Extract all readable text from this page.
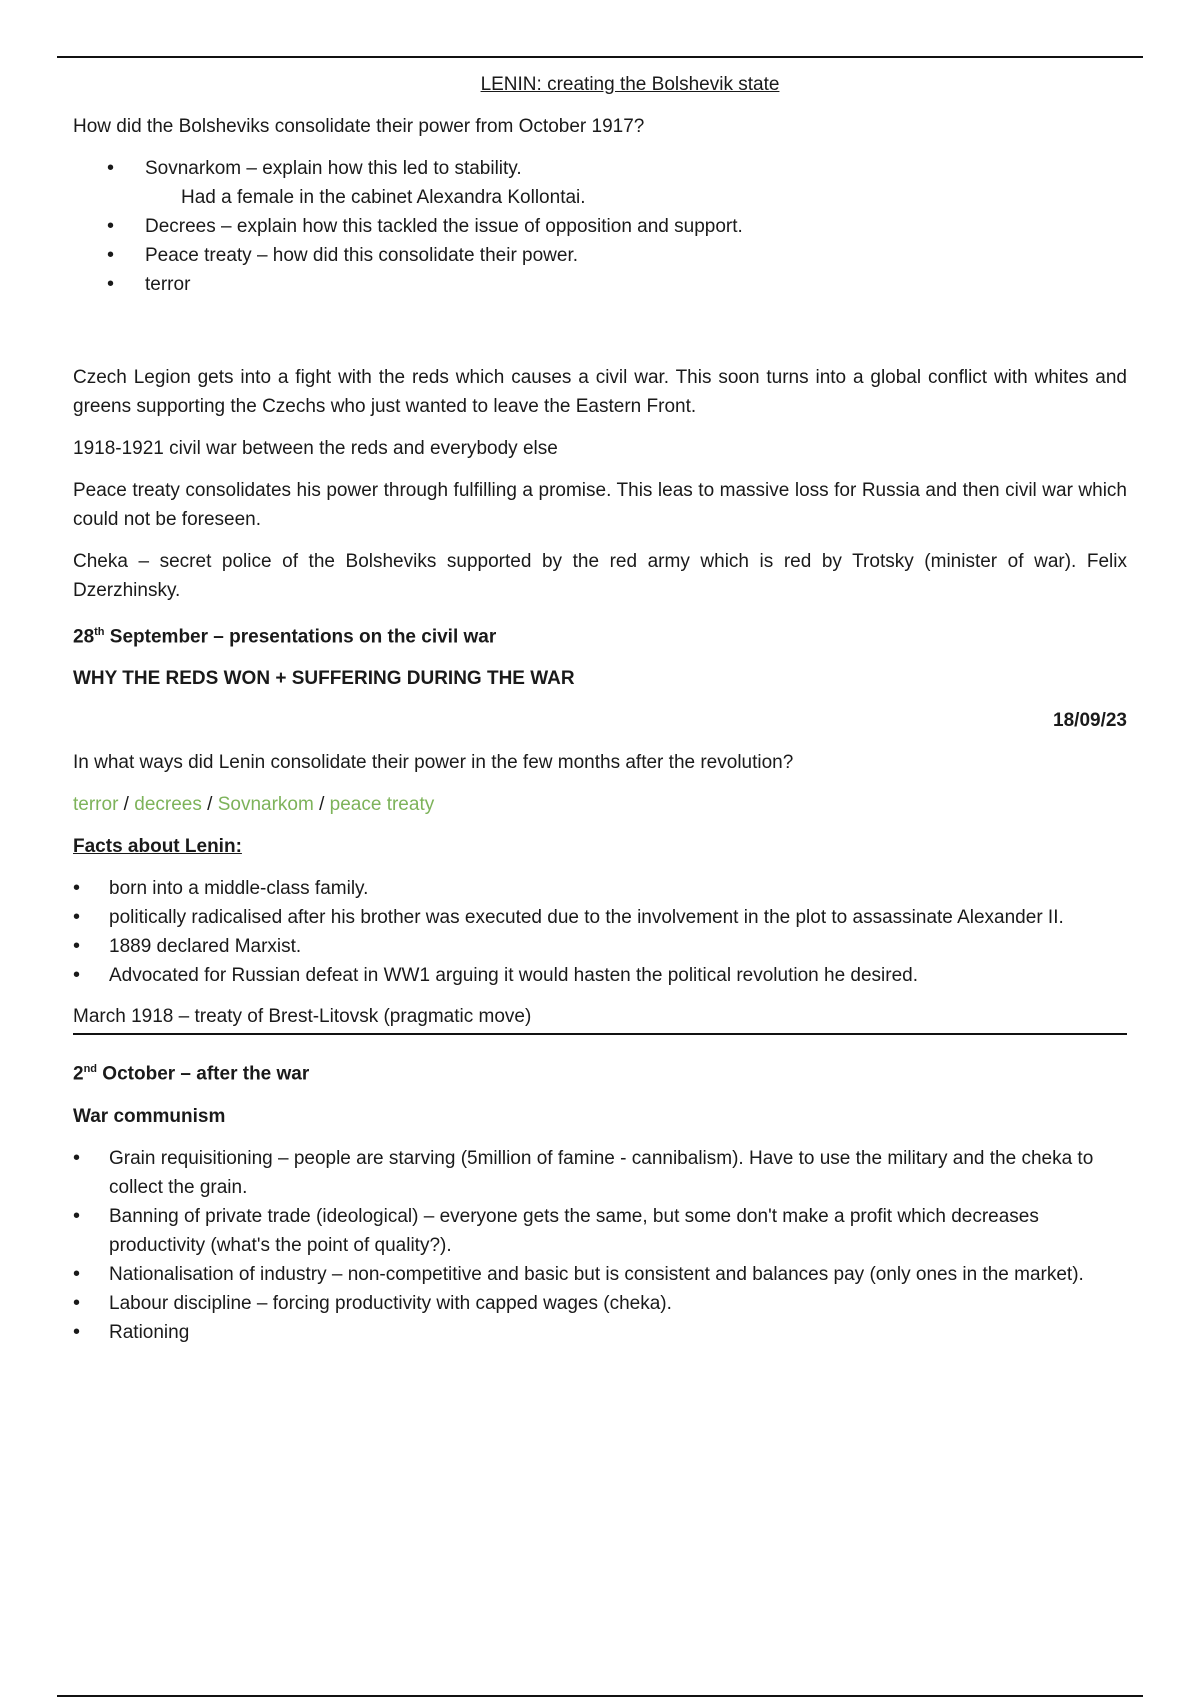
LENIN: creating the Bolshevik state

How did the Bolsheviks consolidate their power from October 1917?

• Sovnarkom – explain how this led to stability.
Had a female in the cabinet Alexandra Kollontai.
• Decrees – explain how this tackled the issue of opposition and support.
• Peace treaty – how did this consolidate their power.
• terror

Czech Legion gets into a fight with the reds which causes a civil war. This soon turns into a global conflict with whites and greens supporting the Czechs who just wanted to leave the Eastern Front.

1918-1921 civil war between the reds and everybody else

Peace treaty consolidates his power through fulfilling a promise. This leas to massive loss for Russia and then civil war which could not be foreseen.

Cheka – secret police of the Bolsheviks supported by the red army which is red by Trotsky (minister of war). Felix Dzerzhinsky.

28th September – presentations on the civil war

WHY THE REDS WON + SUFFERING DURING THE WAR

18/09/23

In what ways did Lenin consolidate their power in the few months after the revolution?

terror / decrees / Sovnarkom / peace treaty

Facts about Lenin:

• born into a middle-class family.
• politically radicalised after his brother was executed due to the involvement in the plot to assassinate Alexander II.
• 1889 declared Marxist.
• Advocated for Russian defeat in WW1 arguing it would hasten the political revolution he desired.

March 1918 – treaty of Brest-Litovsk (pragmatic move)

2nd October – after the war

War communism

• Grain requisitioning – people are starving (5million of famine - cannibalism). Have to use the military and the cheka to collect the grain.
• Banning of private trade (ideological) – everyone gets the same, but some don't make a profit which decreases productivity (what's the point of quality?).
• Nationalisation of industry – non-competitive and basic but is consistent and balances pay (only ones in the market).
• Labour discipline – forcing productivity with capped wages (cheka).
• Rationing
